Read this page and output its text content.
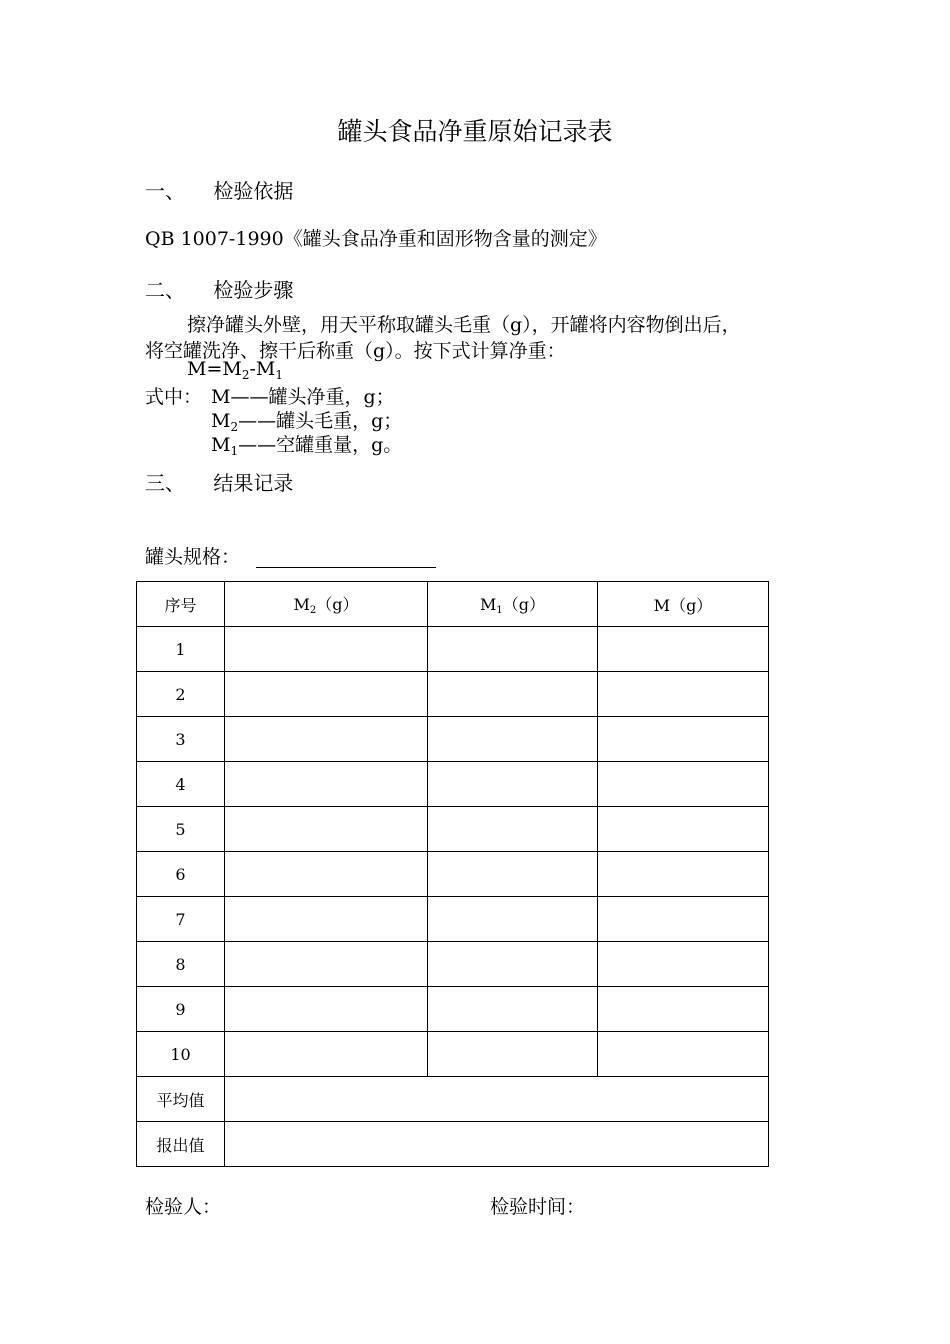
罐头食品净重原始记录表
一、 检验依据
QB 1007-1990《罐头食品净重和固形物含量的测定》
二、 检验步骤
擦净罐头外壁，用天平称取罐头毛重（g），开罐将内容物倒出后，
将空罐洗净、擦干后称重（g）。按下式计算净重：
$M=M_2-M_1$
式中： M——罐头净重，g；
$M_2——$罐头毛重，g；
$M_1——$空罐重量，g。
三、 结果记录
罐头规格：
序号	M2（g）	M1（g）	M（g）
1			
2			
3			
4			
5			
6			
7			
8			
9			
10			
平均值			
报出值			
检验人：	检验时间：
